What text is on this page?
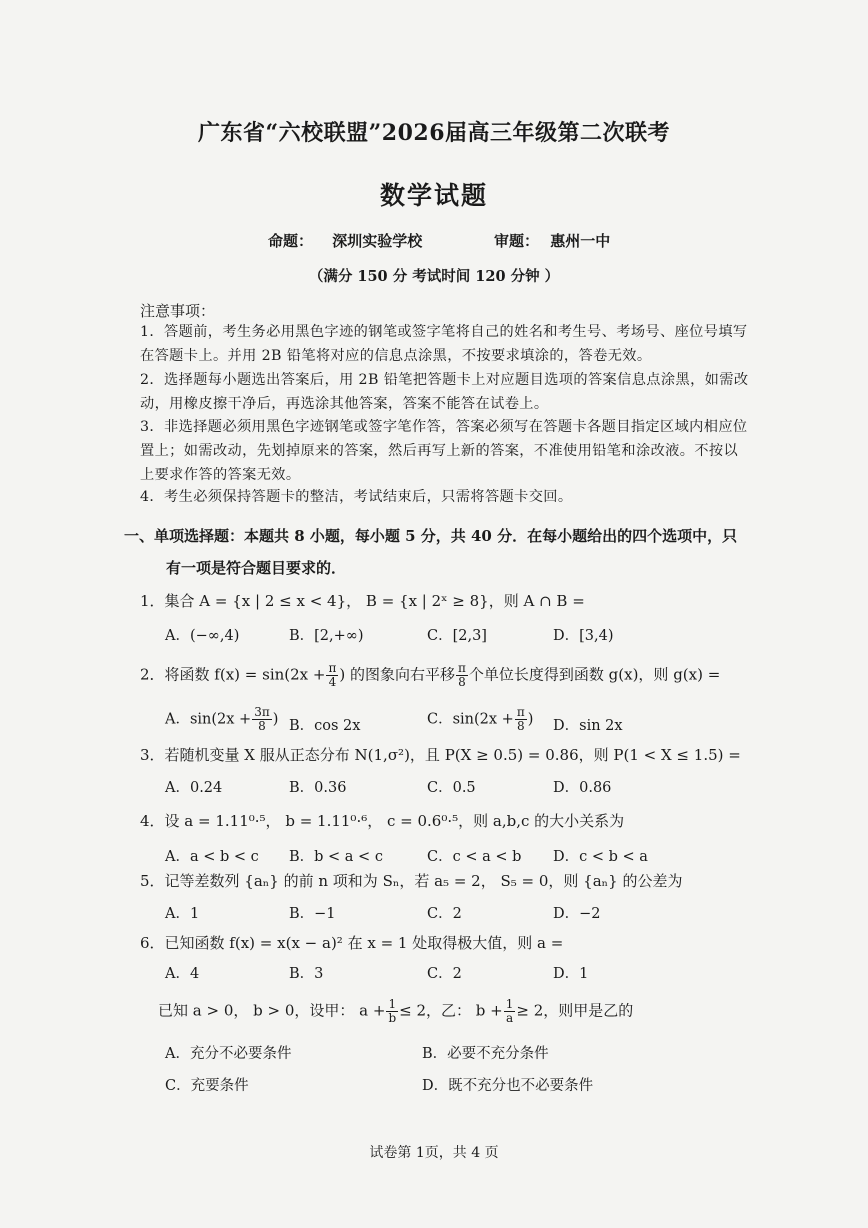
广东省“六校联盟”2026届高三年级第二次联考
数学试题
命题： 深圳实验学校	审题： 惠州一中
（满分 150 分 考试时间 120 分钟 ）
注意事项：
1．答题前，考生务必用黑色字迹的钢笔或签字笔将自己的姓名和考生号、考场号、座位号填写在答题卡上。并用 2B 铅笔将对应的信息点涂黑，不按要求填涂的，答卷无效。
2．选择题每小题选出答案后，用 2B 铅笔把答题卡上对应题目选项的答案信息点涂黑，如需改动，用橡皮擦干净后，再选涂其他答案，答案不能答在试卷上。
3．非选择题必须用黑色字迹钢笔或签字笔作答，答案必须写在答题卡各题目指定区域内相应位置上；如需改动，先划掉原来的答案，然后再写上新的答案，不准使用铅笔和涂改液。不按以上要求作答的答案无效。
4．考生必须保持答题卡的整洁，考试结束后，只需将答题卡交回。
一、单项选择题：本题共 8 小题，每小题 5 分，共 40 分．在每小题给出的四个选项中，只
有一项是符合题目要求的．
1．集合 A = {x | 2 ≤ x < 4}， B = {x | 2ˣ ≥ 8}，则 A ∩ B =
A．(−∞,4)	B．[2,+∞)	C．[2,3]	D．[3,4)
2．将函数 $f(x) = \sin(2x + \frac{\pi}{4}$ ) 的图象向右平移 $\frac{\pi}{8}$ 个单位长度得到函数 g(x)，则 g(x) =
A．$\sin(2x + \frac{3\pi}{8}$ ) B．cos 2x	C．$\sin(2x + \frac{\pi}{8}$ ) D．sin 2x
3．若随机变量 X 服从正态分布 N(1,σ²)，且 P(X ≥ 0.5) = 0.86，则 P(1 < X ≤ 1.5) =
A．0.24	B．0.36	C．0.5	D．0.86
4．设 a = 1.11⁰·⁵， b = 1.11⁰·⁶， c = 0.6⁰·⁵，则 a,b,c 的大小关系为
A．a < b < c B．b < a < c	C．c < a < b D．c < b < a
5．记等差数列 {aₙ} 的前 n 项和为 Sₙ，若 a₅ = 2， S₅ = 0，则 {aₙ} 的公差为
A．1	B．−1	C．2	D．−2
6．已知函数 f(x) = x(x − a)² 在 x = 1 处取得极大值，则 a =
A．4	B．3	C．2	D．1
已知 a > 0， b > 0，设甲： $a + \frac{1}{b} \le 2$，乙： $b + \frac{1}{a} \ge 2$，则甲是乙的
A．充分不必要条件	B．必要不充分条件
C．充要条件	D．既不充分也不必要条件
试卷第 1页，共 4 页
